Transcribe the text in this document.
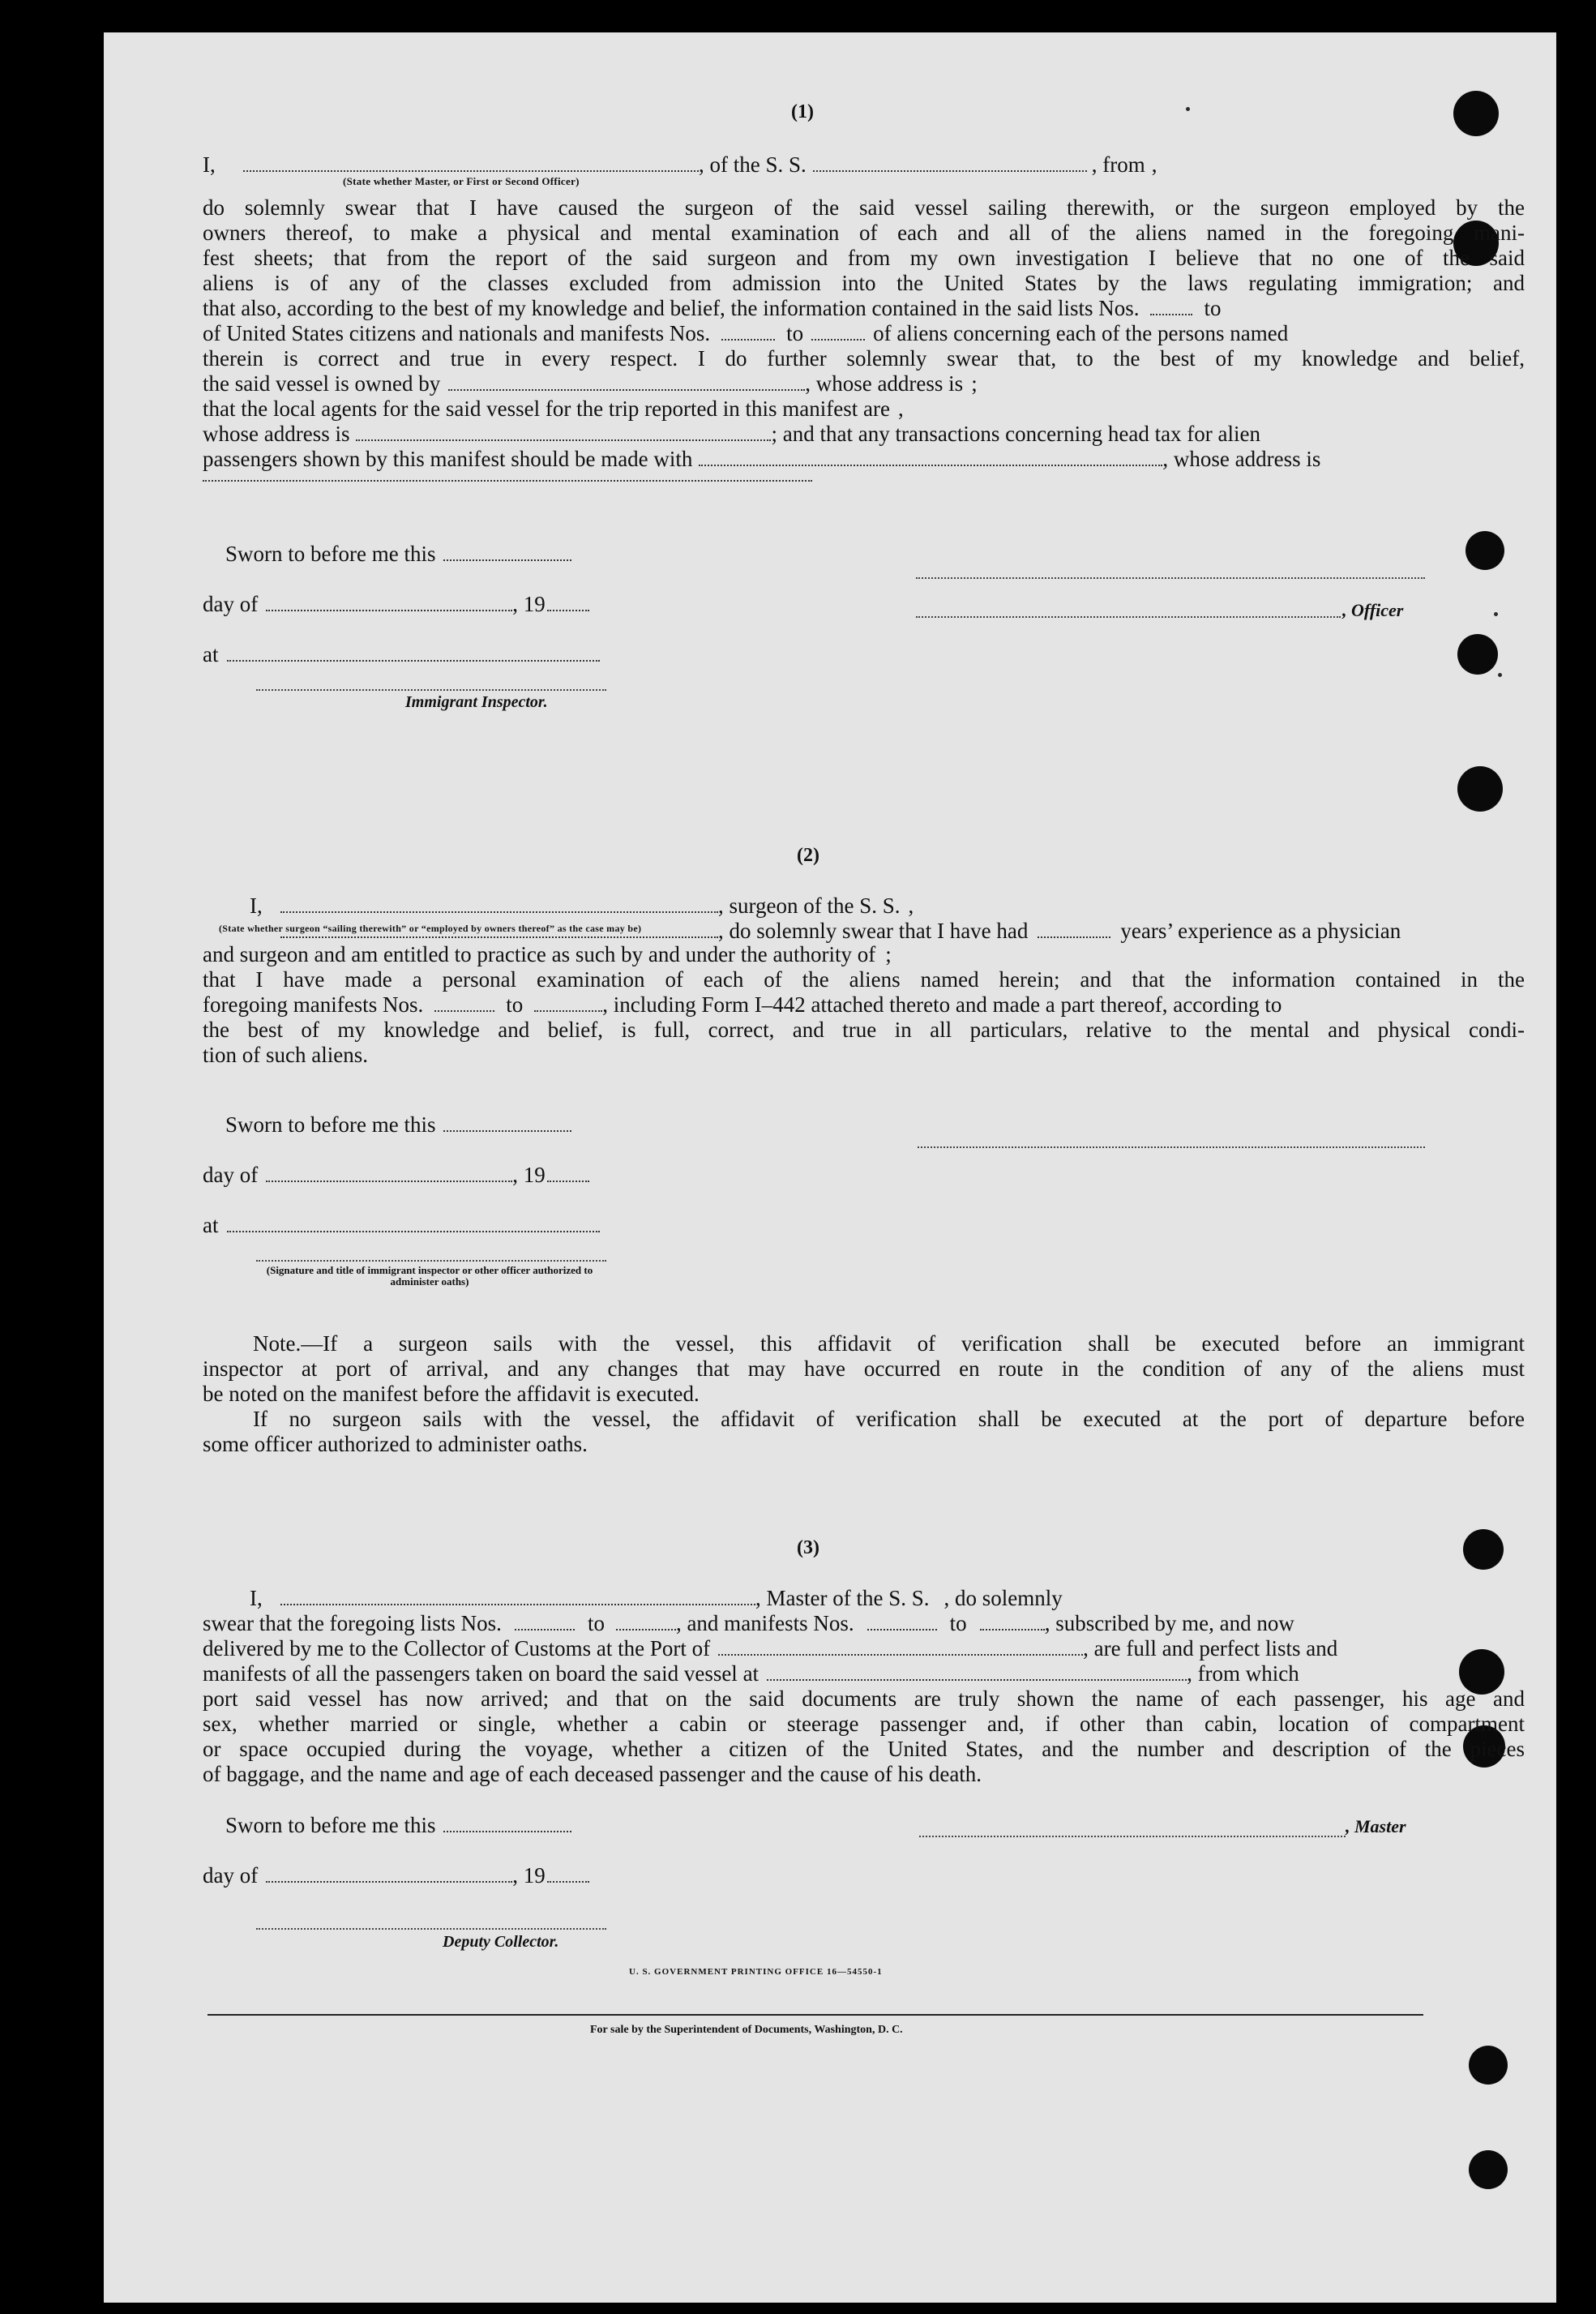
(1)
I,	, of the S. S.	, from ,
(State whether Master, or First or Second Officer)
do solemnly swear that I have caused the surgeon of the said vessel sailing therewith, or the surgeon employed by the
owners thereof, to make a physical and mental examination of each and all of the aliens named in the foregoing mani-
fest sheets; that from the report of the said surgeon and from my own investigation I believe that no one of the said
aliens is of any of the classes excluded from admission into the United States by the laws regulating immigration; and
that also, according to the best of my knowledge and belief, the information contained in the said lists Nos.	to
of United States citizens and nationals and manifests Nos.	to	of aliens concerning each of the persons named
therein is correct and true in every respect. I do further solemnly swear that, to the best of my knowledge and belief,
the said vessel is owned by	, whose address is ;
that the local agents for the said vessel for the trip reported in this manifest are ,
whose address is	; and that any transactions concerning head tax for alien
passengers shown by this manifest should be made with	, whose address is
Sworn to before me this
day of	, 19	, Officer
at
Immigrant Inspector.
(2)
I,	, surgeon of the S. S. ,
, do solemnly swear that I have had	years’ experience as a physician
(State whether surgeon “sailing therewith” or “employed by owners thereof” as the case may be)
and surgeon and am entitled to practice as such by and under the authority of ;
that I have made a personal examination of each of the aliens named herein; and that the information contained in the
foregoing manifests Nos.	to	, including Form I–442 attached thereto and made a part thereof, according to
the best of my knowledge and belief, is full, correct, and true in all particulars, relative to the mental and physical condi-
tion of such aliens.
Sworn to before me this
day of	, 19
at
(Signature and title of immigrant inspector or other officer authorized to administer oaths)
Note.—If a surgeon sails with the vessel, this affidavit of verification shall be executed before an immigrant
inspector at port of arrival, and any changes that may have occurred en route in the condition of any of the aliens must
be noted on the manifest before the affidavit is executed.
If no surgeon sails with the vessel, the affidavit of verification shall be executed at the port of departure before
some officer authorized to administer oaths.
(3)
I,	, Master of the S. S. , do solemnly
swear that the foregoing lists Nos.	to	, and manifests Nos.	to	, subscribed by me, and now
delivered by me to the Collector of Customs at the Port of	, are full and perfect lists and
manifests of all the passengers taken on board the said vessel at	, from which
port said vessel has now arrived; and that on the said documents are truly shown the name of each passenger, his age and
sex, whether married or single, whether a cabin or steerage passenger and, if other than cabin, location of compartment
or space occupied during the voyage, whether a citizen of the United States, and the number and description of the pieces
of baggage, and the name and age of each deceased passenger and the cause of his death.
Sworn to before me this	, Master
day of	, 19
Deputy Collector.
U. S. GOVERNMENT PRINTING OFFICE 16—54550-1
For sale by the Superintendent of Documents, Washington, D. C.
